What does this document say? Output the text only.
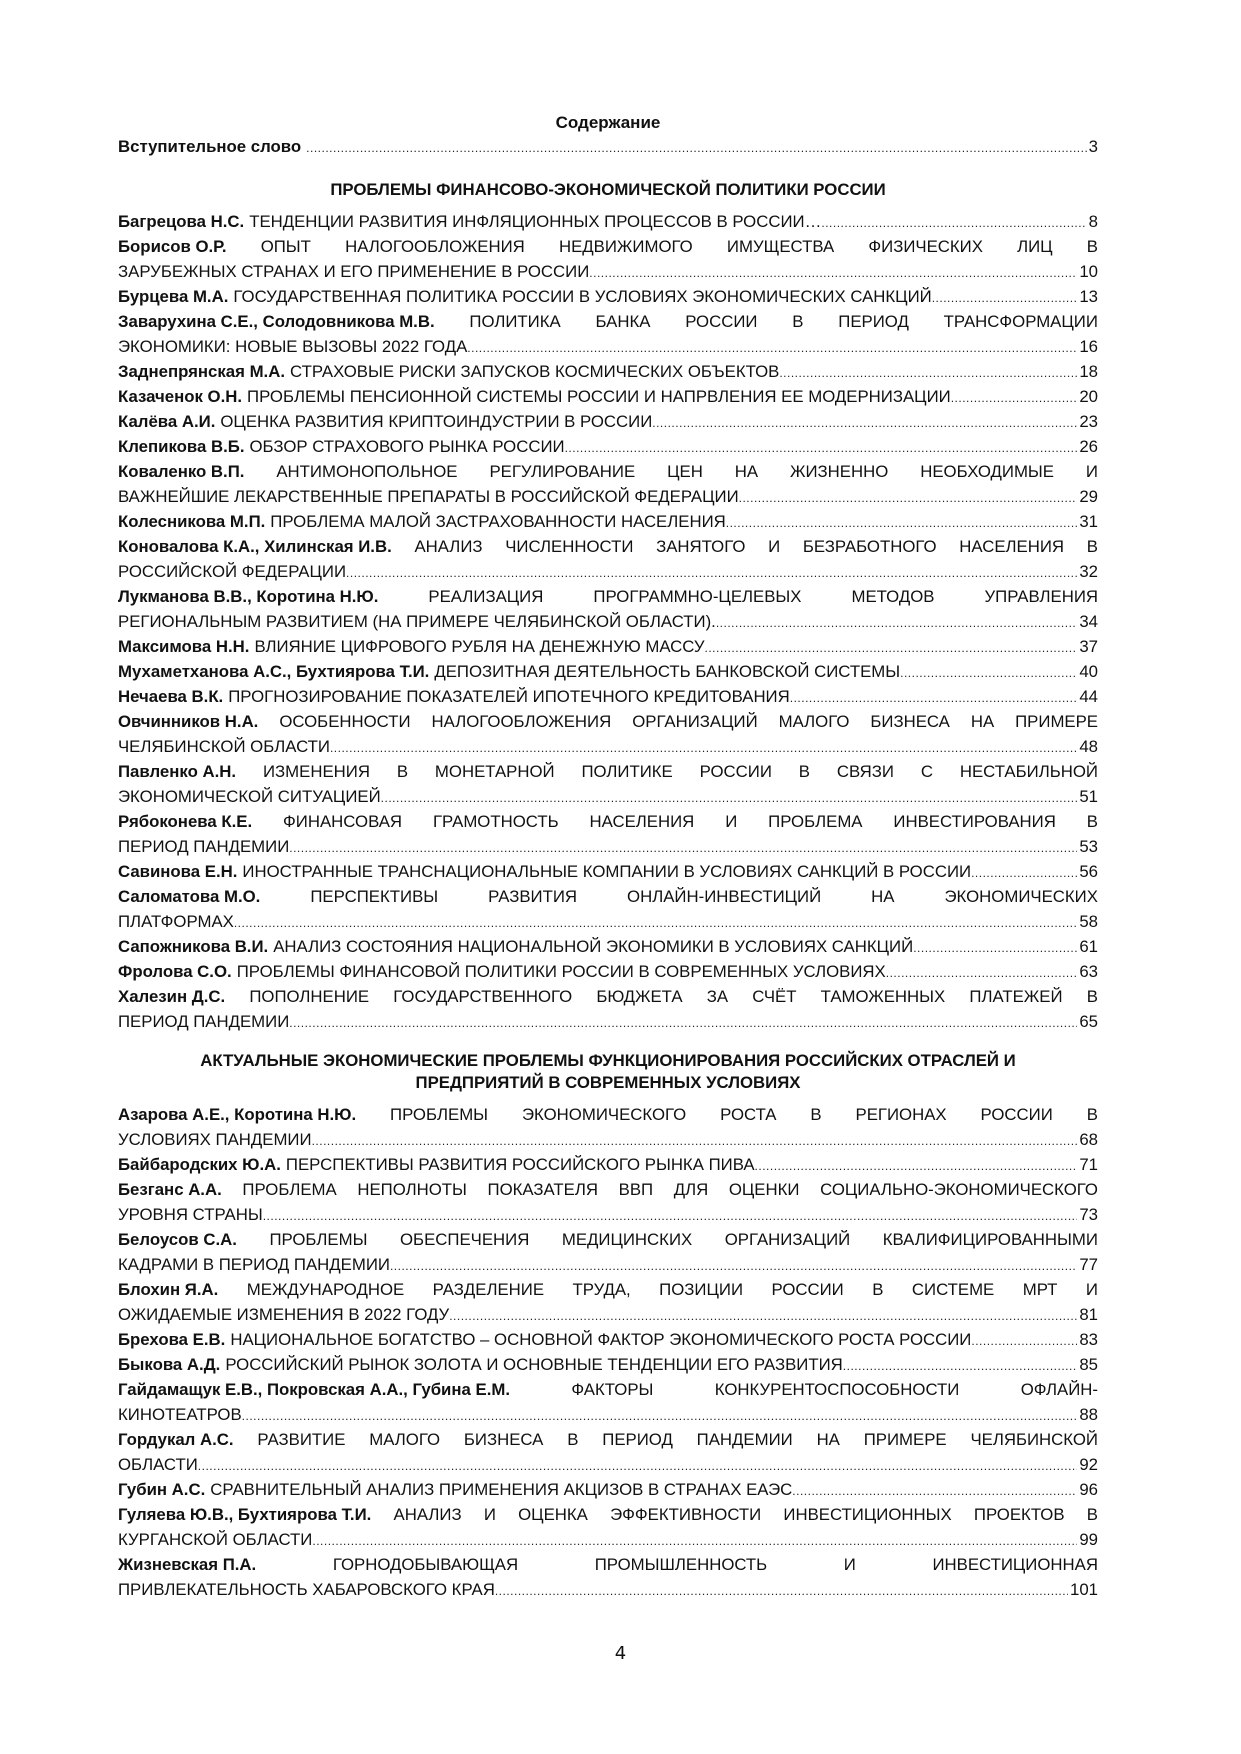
Содержание
Вступительное слово .....	3
ПРОБЛЕМЫ ФИНАНСОВО-ЭКОНОМИЧЕСКОЙ ПОЛИТИКИ РОССИИ
Багрецова Н.С. ТЕНДЕНЦИИ РАЗВИТИЯ ИНФЛЯЦИОННЫХ ПРОЦЕССОВ В РОССИИ… .....	8
Борисов О.Р. ОПЫТ НАЛОГООБЛОЖЕНИЯ НЕДВИЖИМОГО ИМУЩЕСТВА ФИЗИЧЕСКИХ ЛИЦ В
ЗАРУБЕЖНЫХ СТРАНАХ И ЕГО ПРИМЕНЕНИЕ В РОССИИ .....	10
Бурцева М.А. ГОСУДАРСТВЕННАЯ ПОЛИТИКА РОССИИ В УСЛОВИЯХ ЭКОНОМИЧЕСКИХ САНКЦИЙ .....	13
Заварухина С.Е., Солодовникова М.В. ПОЛИТИКА БАНКА РОССИИ В ПЕРИОД ТРАНСФОРМАЦИИ
ЭКОНОМИКИ: НОВЫЕ ВЫЗОВЫ 2022 ГОДА .....	16
Заднепрянская М.А. СТРАХОВЫЕ РИСКИ ЗАПУСКОВ КОСМИЧЕСКИХ ОБЪЕКТОВ .....	18
Казаченок О.Н. ПРОБЛЕМЫ ПЕНСИОННОЙ СИСТЕМЫ РОССИИ И НАПРВЛЕНИЯ ЕЕ МОДЕРНИЗАЦИИ .....	20
Калёва А.И. ОЦЕНКА РАЗВИТИЯ КРИПТОИНДУСТРИИ В РОССИИ .....	23
Клепикова В.Б. ОБЗОР СТРАХОВОГО РЫНКА РОССИИ .....	26
Коваленко В.П. АНТИМОНОПОЛЬНОЕ РЕГУЛИРОВАНИЕ ЦЕН НА ЖИЗНЕННО НЕОБХОДИМЫЕ И
ВАЖНЕЙШИЕ ЛЕКАРСТВЕННЫЕ ПРЕПАРАТЫ В РОССИЙСКОЙ ФЕДЕРАЦИИ .....	29
Колесникова М.П. ПРОБЛЕМА МАЛОЙ ЗАСТРАХОВАННОСТИ НАСЕЛЕНИЯ .....	31
Коновалова К.А., Хилинская И.В. АНАЛИЗ ЧИСЛЕННОСТИ ЗАНЯТОГО И БЕЗРАБОТНОГО НАСЕЛЕНИЯ В
РОССИЙСКОЙ ФЕДЕРАЦИИ .....	32
Лукманова В.В., Коротина Н.Ю.	РЕАЛИЗАЦИЯ	ПРОГРАММНО-ЦЕЛЕВЫХ	МЕТОДОВ	УПРАВЛЕНИЯ
РЕГИОНАЛЬНЫМ РАЗВИТИЕМ (НА ПРИМЕРЕ ЧЕЛЯБИНСКОЙ ОБЛАСТИ). .....	34
Максимова Н.Н. ВЛИЯНИЕ ЦИФРОВОГО РУБЛЯ НА ДЕНЕЖНУЮ МАССУ .....	37
Мухаметханова А.С., Бухтиярова Т.И. ДЕПОЗИТНАЯ ДЕЯТЕЛЬНОСТЬ БАНКОВСКОЙ СИСТЕМЫ .....	40
Нечаева В.К. ПРОГНОЗИРОВАНИЕ ПОКАЗАТЕЛЕЙ ИПОТЕЧНОГО КРЕДИТОВАНИЯ .....	44
Овчинников Н.А. ОСОБЕННОСТИ НАЛОГООБЛОЖЕНИЯ ОРГАНИЗАЦИЙ МАЛОГО БИЗНЕСА НА ПРИМЕРЕ
ЧЕЛЯБИНСКОЙ ОБЛАСТИ .....	48
Павленко А.Н. ИЗМЕНЕНИЯ В МОНЕТАРНОЙ ПОЛИТИКЕ РОССИИ В СВЯЗИ С НЕСТАБИЛЬНОЙ
ЭКОНОМИЧЕСКОЙ СИТУАЦИЕЙ .....	51
Рябоконева К.Е. ФИНАНСОВАЯ ГРАМОТНОСТЬ НАСЕЛЕНИЯ И ПРОБЛЕМА ИНВЕСТИРОВАНИЯ В
ПЕРИОД ПАНДЕМИИ .....	53
Савинова Е.Н. ИНОСТРАННЫЕ ТРАНСНАЦИОНАЛЬНЫЕ КОМПАНИИ В УСЛОВИЯХ САНКЦИЙ В РОССИИ .....	56
Саломатова М.О.	ПЕРСПЕКТИВЫ	РАЗВИТИЯ	ОНЛАЙН-ИНВЕСТИЦИЙ	НА	ЭКОНОМИЧЕСКИХ
ПЛАТФОРМАХ .....	58
Сапожникова В.И. АНАЛИЗ СОСТОЯНИЯ НАЦИОНАЛЬНОЙ ЭКОНОМИКИ В УСЛОВИЯХ САНКЦИЙ .....	61
Фролова С.О. ПРОБЛЕМЫ ФИНАНСОВОЙ ПОЛИТИКИ РОССИИ В СОВРЕМЕННЫХ УСЛОВИЯХ .....	63
Халезин Д.С. ПОПОЛНЕНИЕ ГОСУДАРСТВЕННОГО БЮДЖЕТА ЗА СЧЁТ ТАМОЖЕННЫХ ПЛАТЕЖЕЙ В
ПЕРИОД ПАНДЕМИИ .....	65
АКТУАЛЬНЫЕ ЭКОНОМИЧЕСКИЕ ПРОБЛЕМЫ ФУНКЦИОНИРОВАНИЯ РОССИЙСКИХ ОТРАСЛЕЙ И
ПРЕДПРИЯТИЙ В СОВРЕМЕННЫХ УСЛОВИЯХ
Азарова А.Е., Коротина Н.Ю. ПРОБЛЕМЫ ЭКОНОМИЧЕСКОГО РОСТА В РЕГИОНАХ РОССИИ В
УСЛОВИЯХ ПАНДЕМИИ .....	68
Байбародских Ю.А. ПЕРСПЕКТИВЫ РАЗВИТИЯ РОССИЙСКОГО РЫНКА ПИВА .....	71
Безганс А.А. ПРОБЛЕМА НЕПОЛНОТЫ ПОКАЗАТЕЛЯ ВВП ДЛЯ ОЦЕНКИ СОЦИАЛЬНО-ЭКОНОМИЧЕСКОГО
УРОВНЯ СТРАНЫ .....	73
Белоусов С.А. ПРОБЛЕМЫ ОБЕСПЕЧЕНИЯ МЕДИЦИНСКИХ ОРГАНИЗАЦИЙ КВАЛИФИЦИРОВАННЫМИ
КАДРАМИ В ПЕРИОД ПАНДЕМИИ .....	77
Блохин Я.А. МЕЖДУНАРОДНОЕ РАЗДЕЛЕНИЕ ТРУДА, ПОЗИЦИИ РОССИИ В СИСТЕМЕ МРТ И
ОЖИДАЕМЫЕ ИЗМЕНЕНИЯ В 2022 ГОДУ .....	81
Брехова Е.В. НАЦИОНАЛЬНОЕ БОГАТСТВО – ОСНОВНОЙ ФАКТОР ЭКОНОМИЧЕСКОГО РОСТА РОССИИ .....	83
Быкова А.Д. РОССИЙСКИЙ РЫНОК ЗОЛОТА И ОСНОВНЫЕ ТЕНДЕНЦИИ ЕГО РАЗВИТИЯ .....	85
Гайдамащук Е.В., Покровская А.А., Губина Е.М.	ФАКТОРЫ	КОНКУРЕНТОСПОСОБНОСТИ	ОФЛАЙН-
КИНОТЕАТРОВ .....	88
Гордукал А.С. РАЗВИТИЕ МАЛОГО БИЗНЕСА В ПЕРИОД ПАНДЕМИИ НА ПРИМЕРЕ ЧЕЛЯБИНСКОЙ
ОБЛАСТИ .....	92
Губин А.С. СРАВНИТЕЛЬНЫЙ АНАЛИЗ ПРИМЕНЕНИЯ АКЦИЗОВ В СТРАНАХ ЕАЭС .....	96
Гуляева Ю.В., Бухтиярова Т.И. АНАЛИЗ И ОЦЕНКА ЭФФЕКТИВНОСТИ ИНВЕСТИЦИОННЫХ ПРОЕКТОВ В
КУРГАНСКОЙ ОБЛАСТИ .....	99
Жизневская П.А.	ГОРНОДОБЫВАЮЩАЯ	ПРОМЫШЛЕННОСТЬ	И	ИНВЕСТИЦИОННАЯ
ПРИВЛЕКАТЕЛЬНОСТЬ ХАБАРОВСКОГО КРАЯ .....	101
4
